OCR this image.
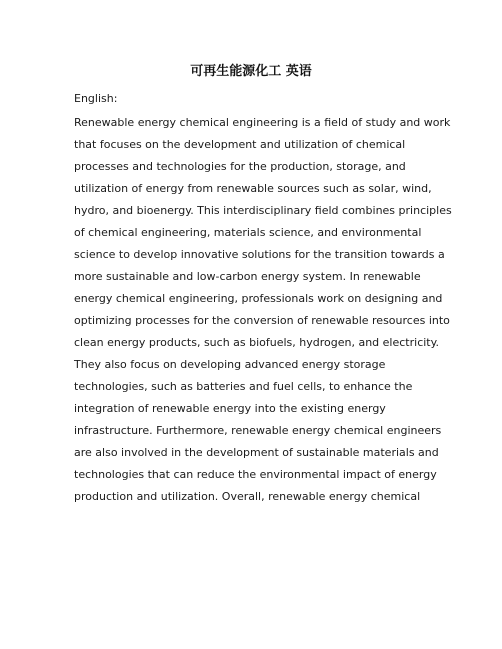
可再生能源化工 英语
English:
Renewable energy chemical engineering is a field of study and work
that focuses on the development and utilization of chemical
processes and technologies for the production, storage, and
utilization of energy from renewable sources such as solar, wind,
hydro, and bioenergy. This interdisciplinary field combines principles
of chemical engineering, materials science, and environmental
science to develop innovative solutions for the transition towards a
more sustainable and low-carbon energy system. In renewable
energy chemical engineering, professionals work on designing and
optimizing processes for the conversion of renewable resources into
clean energy products, such as biofuels, hydrogen, and electricity.
They also focus on developing advanced energy storage
technologies, such as batteries and fuel cells, to enhance the
integration of renewable energy into the existing energy
infrastructure. Furthermore, renewable energy chemical engineers
are also involved in the development of sustainable materials and
technologies that can reduce the environmental impact of energy
production and utilization. Overall, renewable energy chemical
